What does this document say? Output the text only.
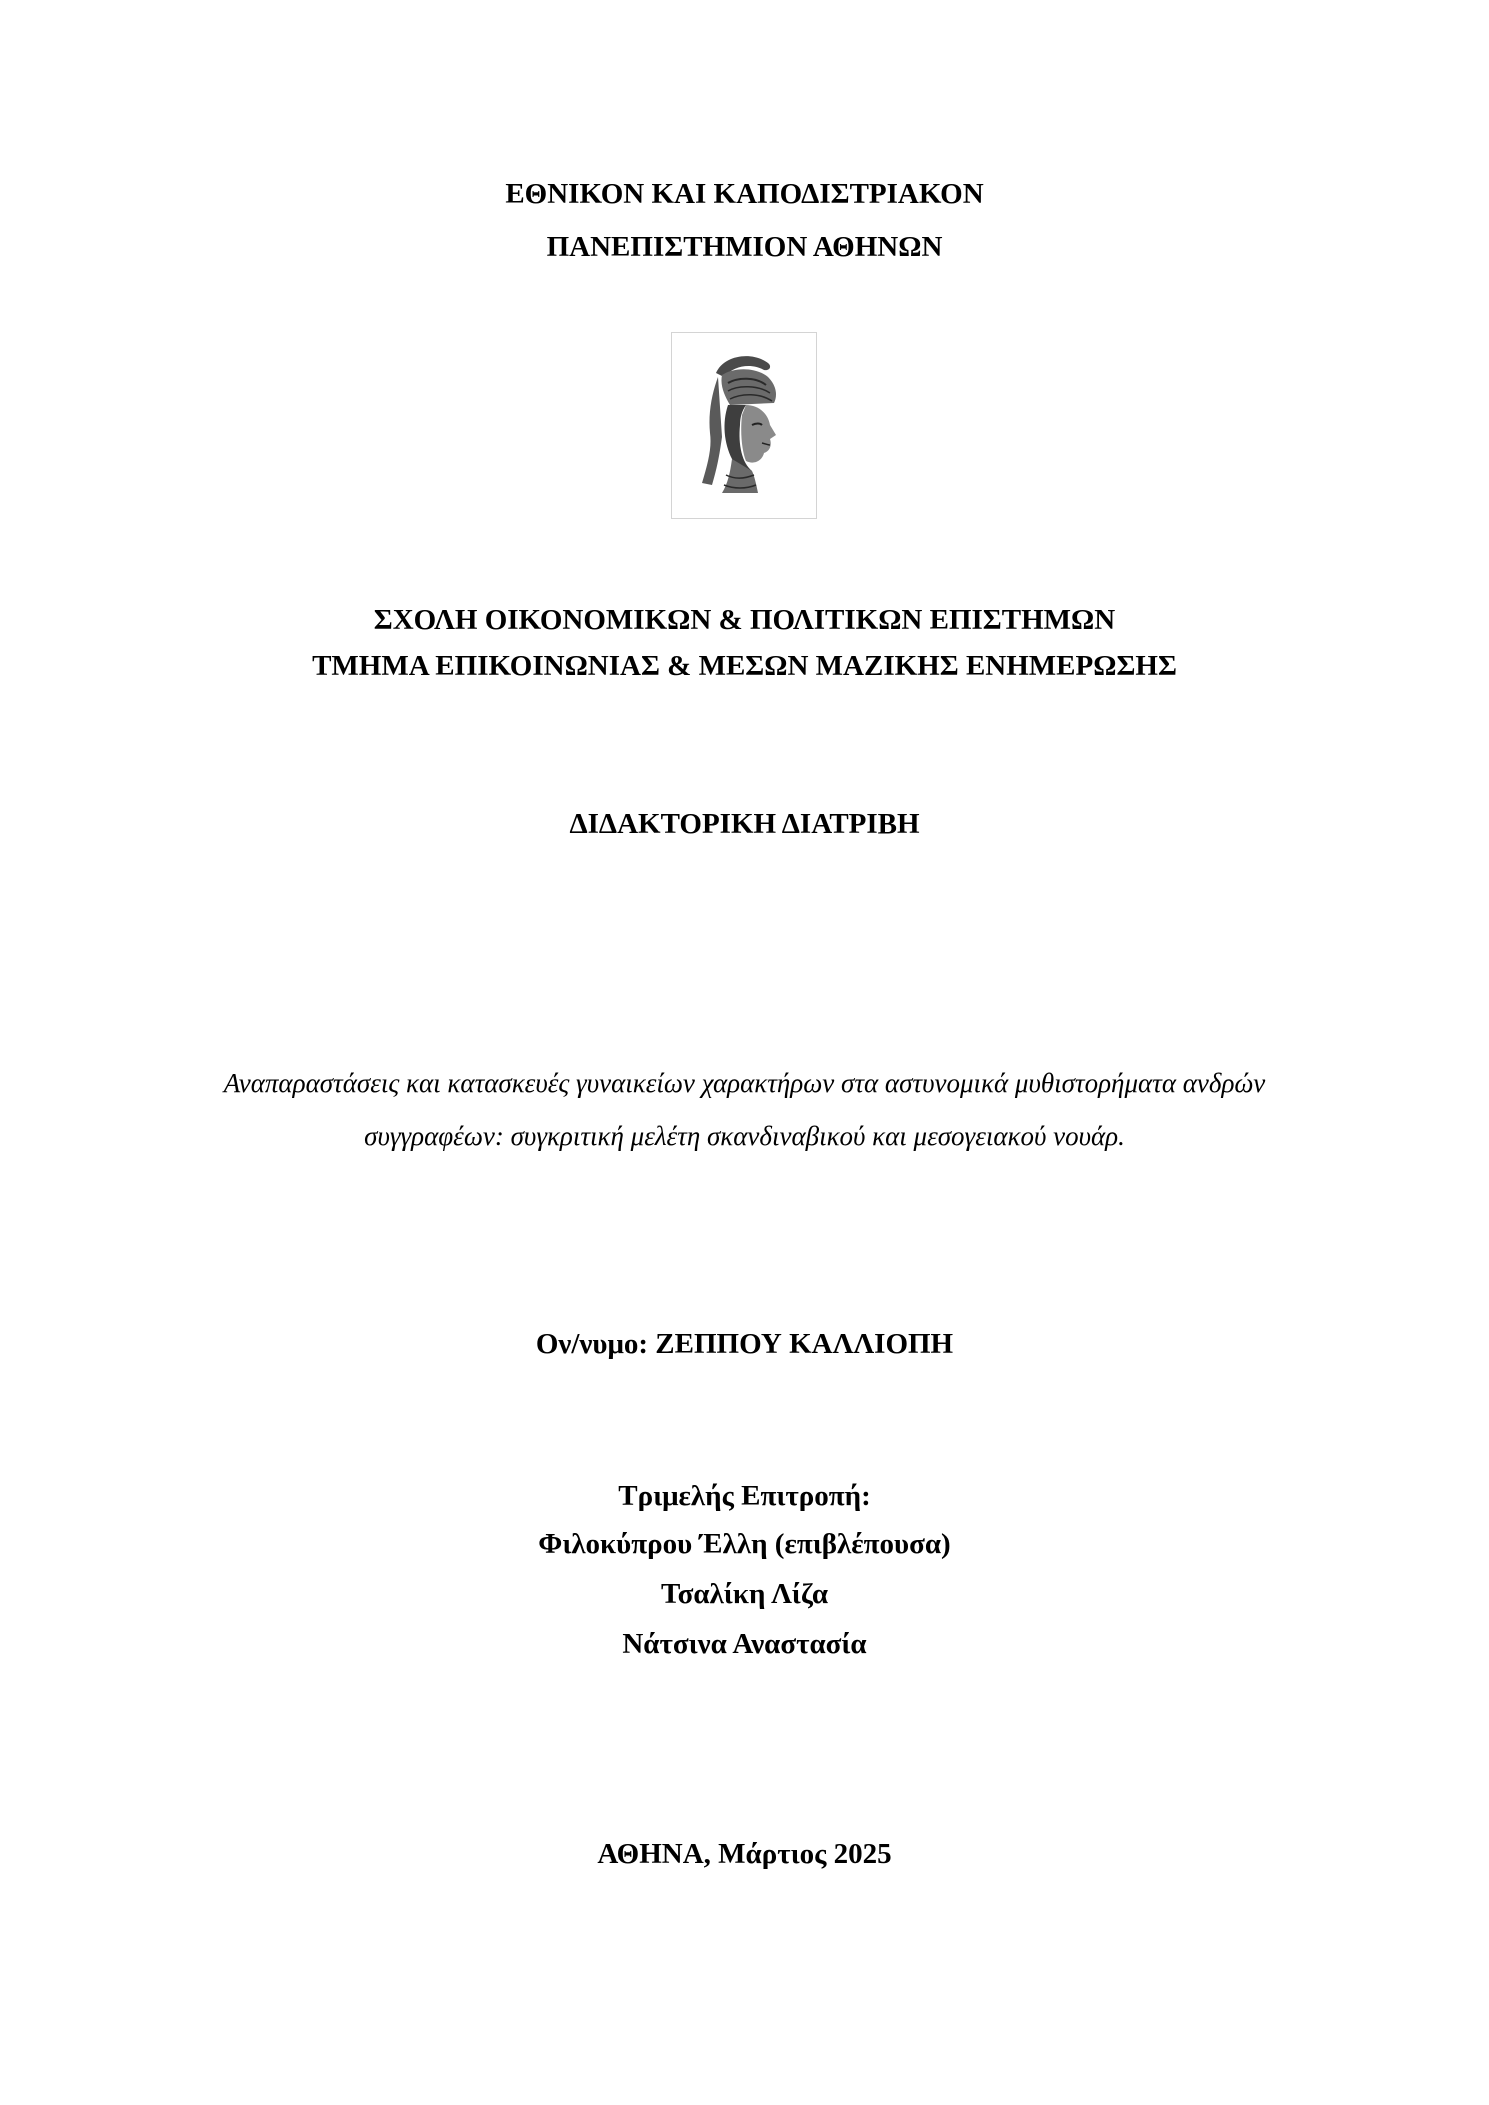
ΕΘΝΙΚΟΝ ΚΑΙ ΚΑΠΟΔΙΣΤΡΙΑΚΟΝ
ΠΑΝΕΠΙΣΤΗΜΙΟΝ ΑΘΗΝΩΝ
ΣΧΟΛΗ ΟΙΚΟΝΟΜΙΚΩΝ & ΠΟΛΙΤΙΚΩΝ ΕΠΙΣΤΗΜΩΝ
ΤΜΗΜΑ ΕΠΙΚΟΙΝΩΝΙΑΣ & ΜΕΣΩΝ ΜΑΖΙΚΗΣ ΕΝΗΜΕΡΩΣΗΣ
ΔΙΔΑΚΤΟΡΙΚΗ ΔΙΑΤΡΙΒΗ
Αναπαραστάσεις και κατασκευές γυναικείων χαρακτήρων στα αστυνομικά μυθιστορήματα ανδρών
συγγραφέων: συγκριτική μελέτη σκανδιναβικού και μεσογειακού νουάρ.
Ον/νυμο: ΖΕΠΠΟΥ ΚΑΛΛΙΟΠΗ
Τριμελής Επιτροπή:
Φιλοκύπρου Έλλη (επιβλέπουσα)
Τσαλίκη Λίζα
Νάτσινα Αναστασία
ΑΘΗΝΑ, Μάρτιος 2025
